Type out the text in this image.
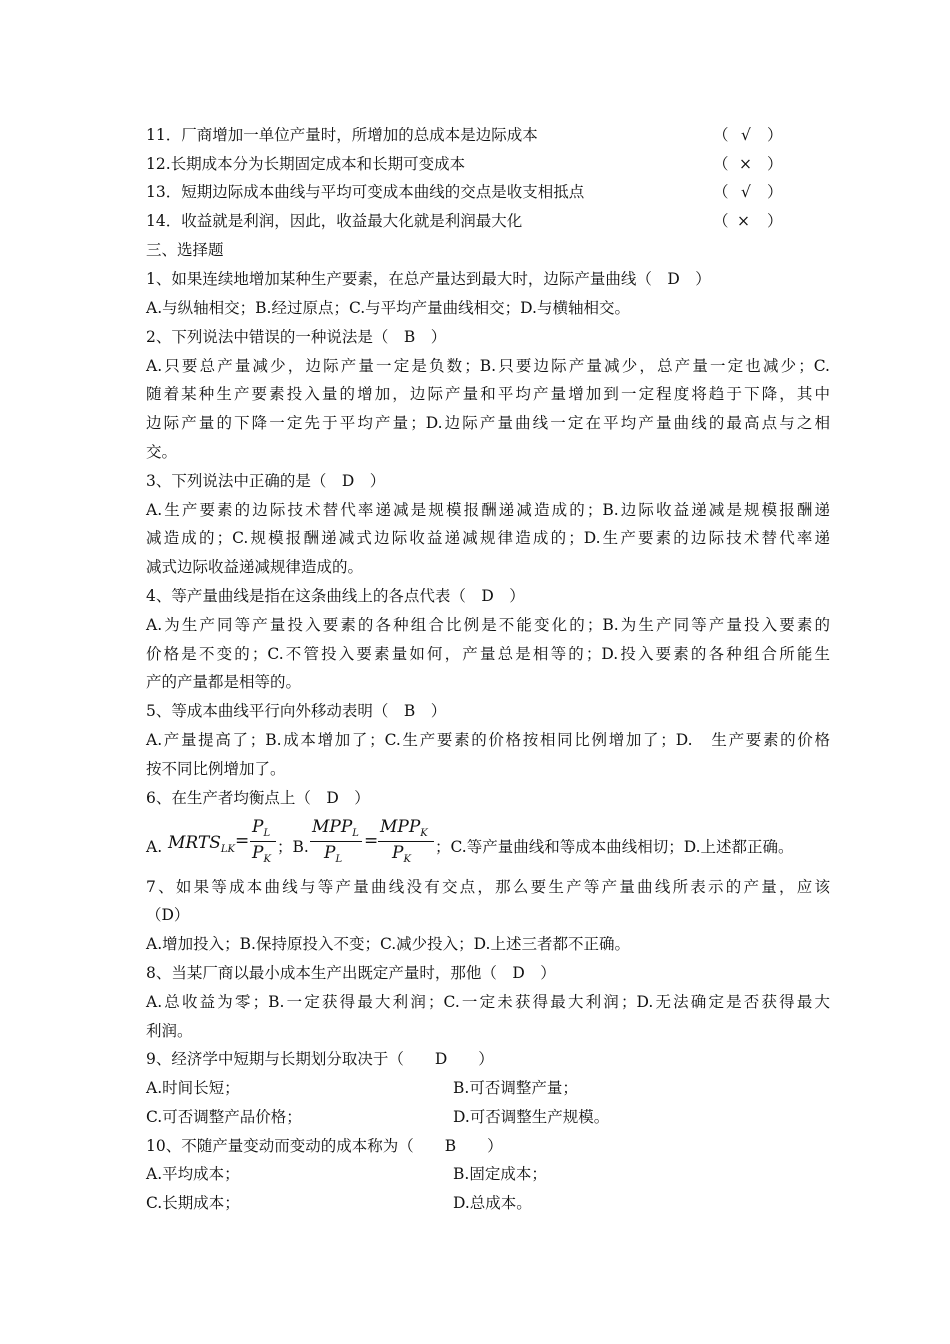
11．厂商增加一单位产量时，所增加的总成本是边际成本	（ √ ）
12.长期成本分为长期固定成本和长期可变成本	（ × ）
13．短期边际成本曲线与平均可变成本曲线的交点是收支相抵点	（ √ ）
14．收益就是利润，因此，收益最大化就是利润最大化	（ × ）
三、选择题
1、如果连续地增加某种生产要素，在总产量达到最大时，边际产量曲线（　D　）
A.与纵轴相交；B.经过原点；C.与平均产量曲线相交；D.与横轴相交。
2、下列说法中错误的一种说法是（　B　）
A.只要总产量减少，边际产量一定是负数；B.只要边际产量减少，总产量一定也减少；C.
随着某种生产要素投入量的增加，边际产量和平均产量增加到一定程度将趋于下降，其中
边际产量的下降一定先于平均产量；D.边际产量曲线一定在平均产量曲线的最高点与之相
交。
3、下列说法中正确的是（　D　）
A.生产要素的边际技术替代率递减是规模报酬递减造成的；B.边际收益递减是规模报酬递
减造成的；C.规模报酬递减式边际收益递减规律造成的；D.生产要素的边际技术替代率递
减式边际收益递减规律造成的。
4、等产量曲线是指在这条曲线上的各点代表（　D　）
A.为生产同等产量投入要素的各种组合比例是不能变化的；B.为生产同等产量投入要素的
价格是不变的；C.不管投入要素量如何，产量总是相等的；D.投入要素的各种组合所能生
产的产量都是相等的。
5、等成本曲线平行向外移动表明（　B　）
A.产量提高了；B.成本增加了；C.生产要素的价格按相同比例增加了；D.　生产要素的价格
按不同比例增加了。
6、在生产者均衡点上（　D　）
A. $MRTS_{LK}$ =
$P_L$
$P_K$
；B.
$MPP_L$
$P_L$
=
$MPP_K$
$P_K$
；C.等产量曲线和等成本曲线相切；D.上述都正确。
7、如果等成本曲线与等产量曲线没有交点，那么要生产等产量曲线所表示的产量，应该
（D）
A.增加投入；B.保持原投入不变；C.减少投入；D.上述三者都不正确。
8、当某厂商以最小成本生产出既定产量时，那他（　D　）
A.总收益为零；B.一定获得最大利润；C.一定未获得最大利润；D.无法确定是否获得最大
利润。
9、经济学中短期与长期划分取决于（　　D　　）
A.时间长短；	B.可否调整产量；
C.可否调整产品价格；	D.可否调整生产规模。
10、不随产量变动而变动的成本称为（　　B　　）
A.平均成本；	B.固定成本；
C.长期成本；	D.总成本。
